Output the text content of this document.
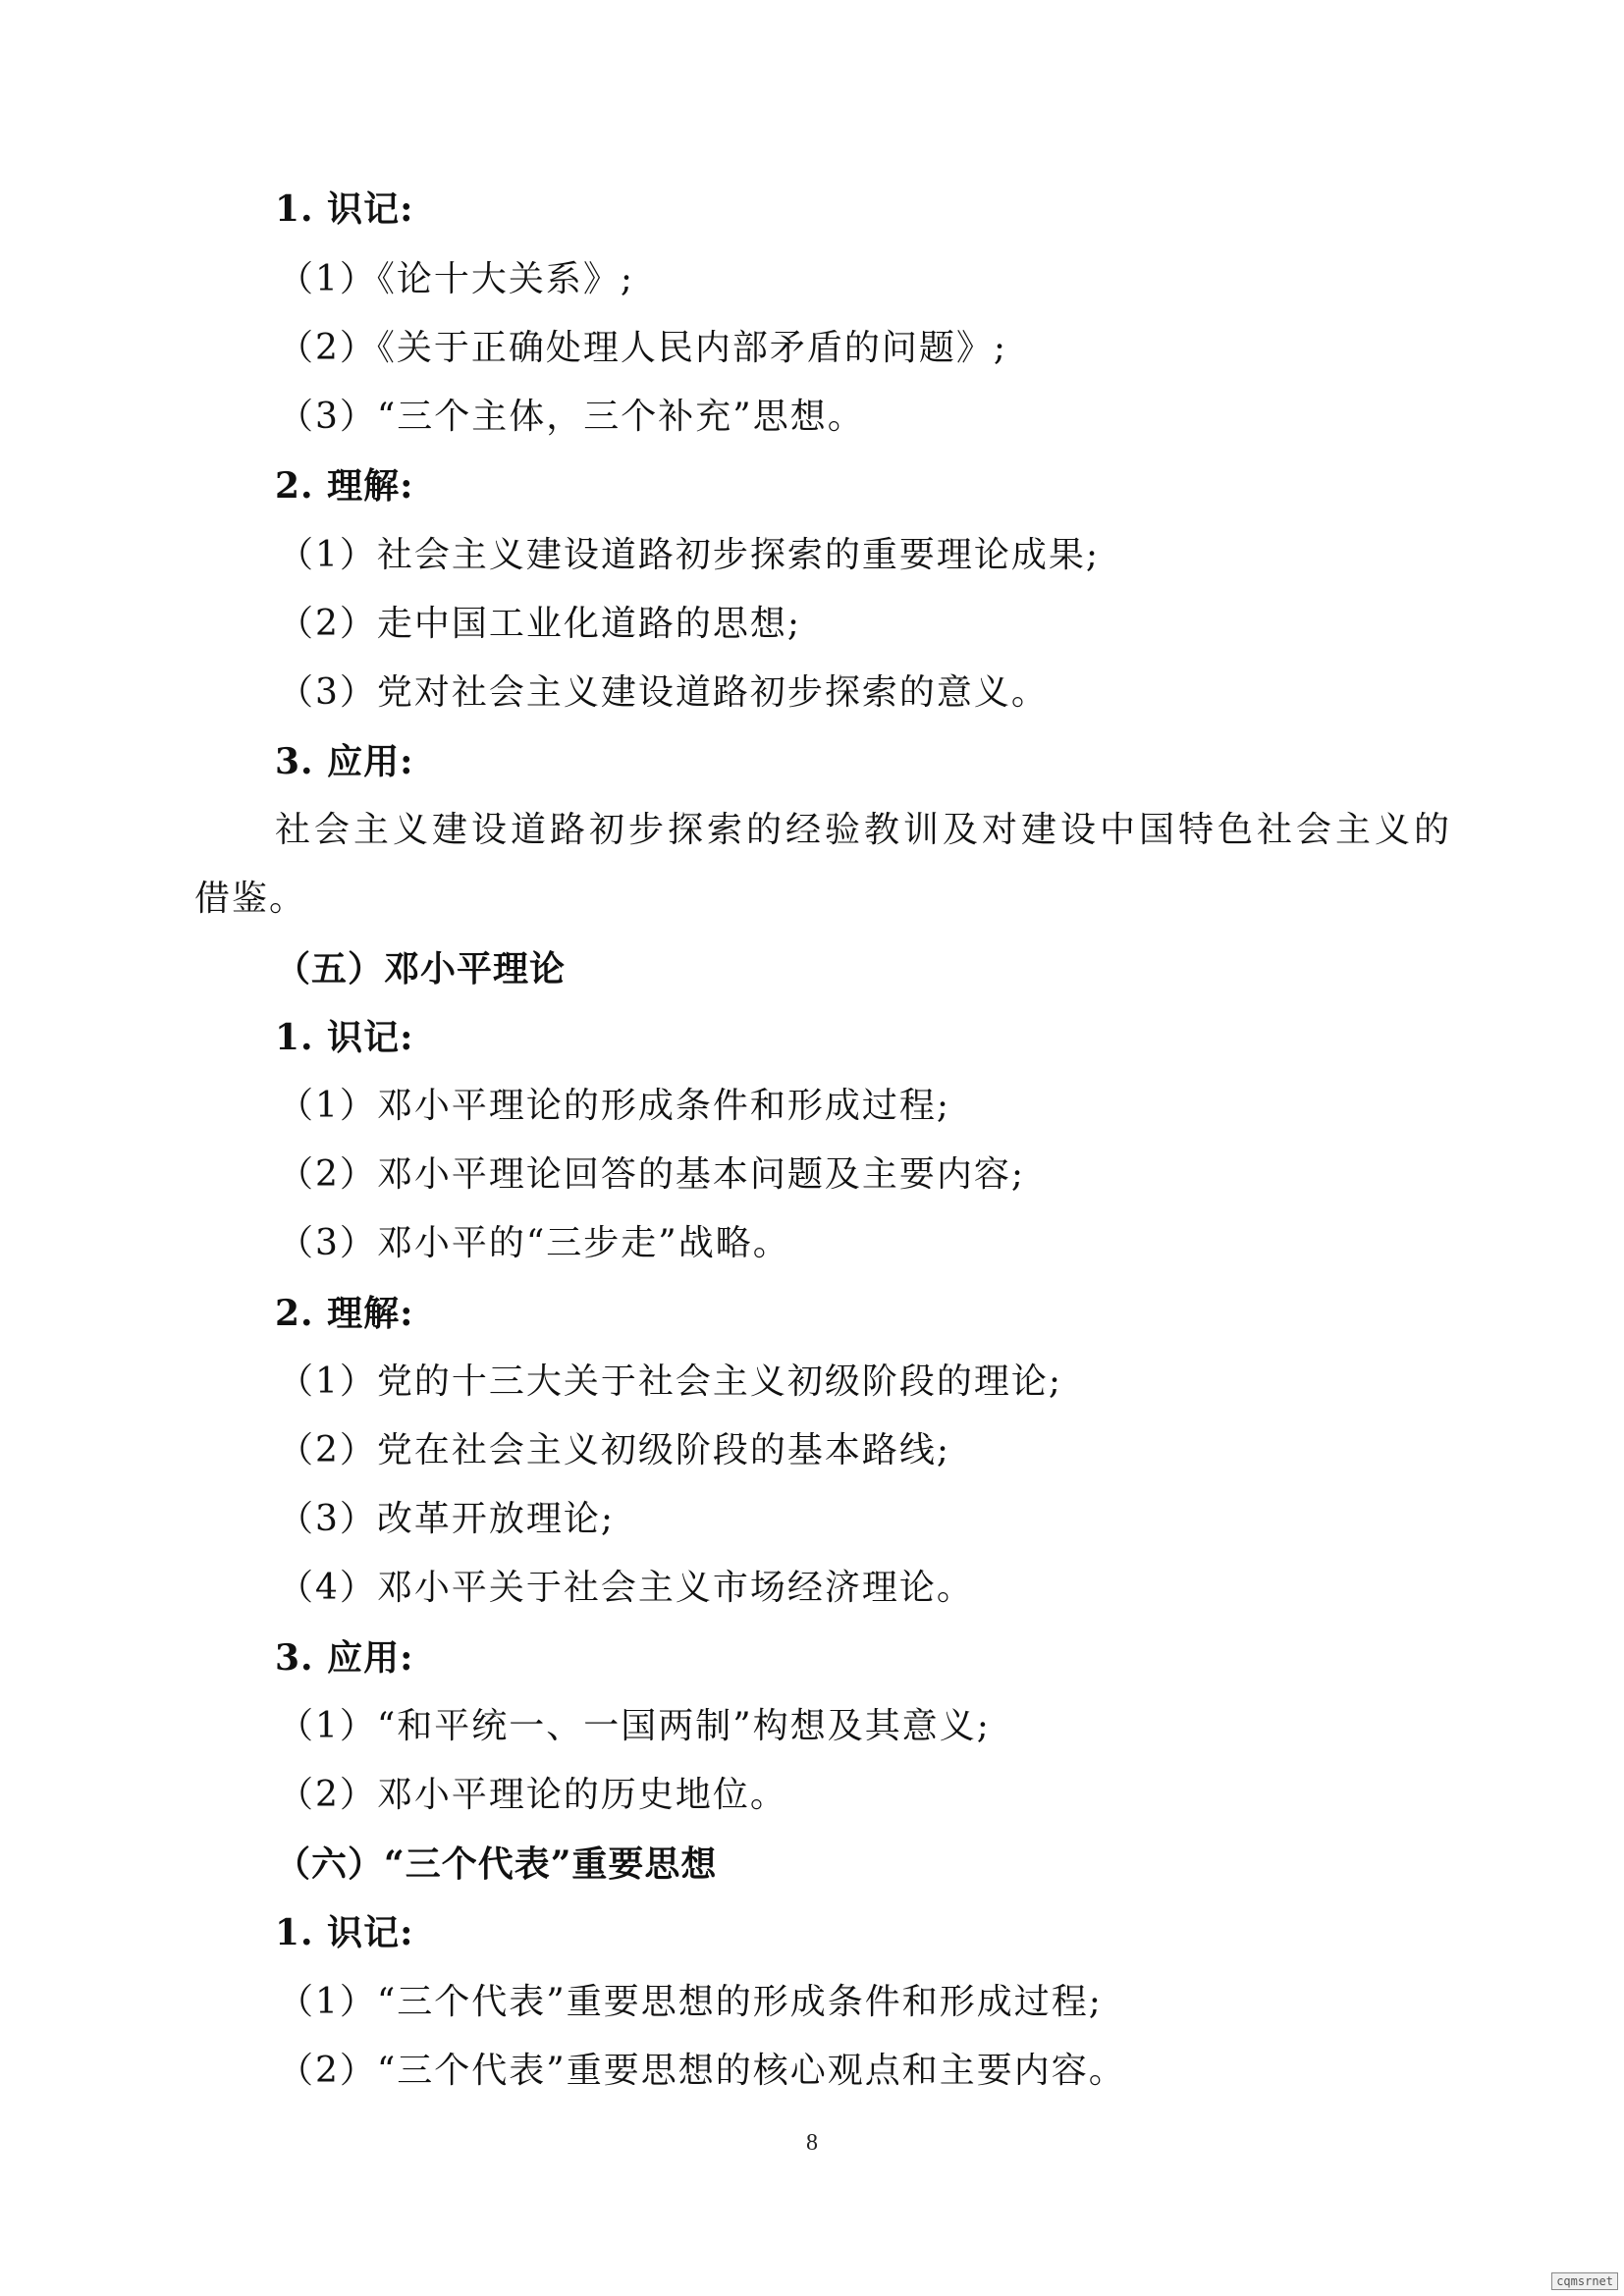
1. 识记:
（1）《论十大关系》;
（2）《关于正确处理人民内部矛盾的问题》;
（3）“三个主体，三个补充”思想。
2. 理解:
（1）社会主义建设道路初步探索的重要理论成果;
（2）走中国工业化道路的思想;
（3）党对社会主义建设道路初步探索的意义。
3. 应用:
社会主义建设道路初步探索的经验教训及对建设中国特色社会主义的
借鉴。
（五）邓小平理论
1. 识记:
（1）邓小平理论的形成条件和形成过程;
（2）邓小平理论回答的基本问题及主要内容;
（3）邓小平的“三步走”战略。
2. 理解:
（1）党的十三大关于社会主义初级阶段的理论;
（2）党在社会主义初级阶段的基本路线;
（3）改革开放理论;
（4）邓小平关于社会主义市场经济理论。
3. 应用:
（1）“和平统一、一国两制”构想及其意义;
（2）邓小平理论的历史地位。
（六）“三个代表”重要思想
1. 识记:
（1）“三个代表”重要思想的形成条件和形成过程;
（2）“三个代表”重要思想的核心观点和主要内容。
8
cqmsrnet
